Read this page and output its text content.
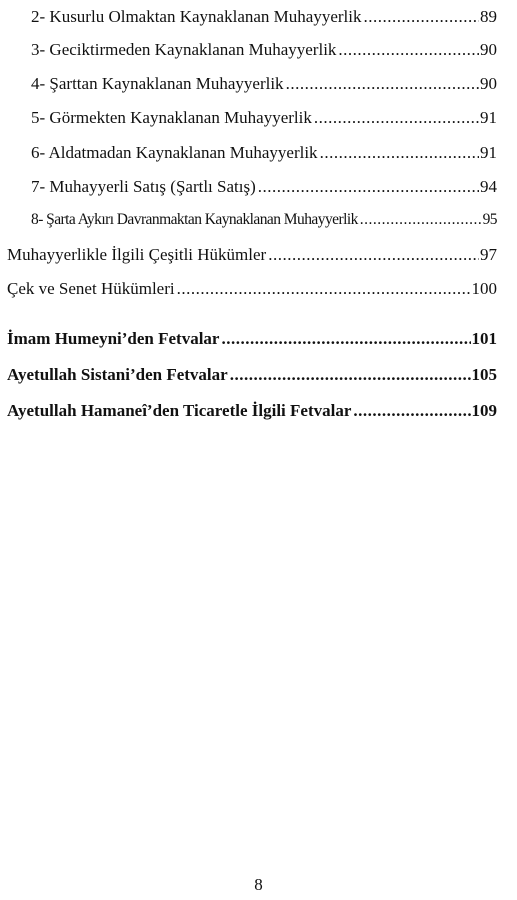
2- Kusurlu Olmaktan Kaynaklanan Muhayyerlik .....	89
3- Geciktirmeden Kaynaklanan Muhayyerlik .....	90
4- Şarttan Kaynaklanan Muhayyerlik .....	90
5- Görmekten Kaynaklanan Muhayyerlik .....	91
6- Aldatmadan Kaynaklanan Muhayyerlik .....	91
7- Muhayyerli Satış (Şartlı Satış) .....	94
8- Şarta Aykırı Davranmaktan Kaynaklanan Muhayyerlik .....	95
Muhayyerlikle İlgili Çeşitli Hükümler .....	97
Çek ve Senet Hükümleri .....	100
İmam Humeyni’den Fetvalar .....	101
Ayetullah Sistani’den Fetvalar .....	105
Ayetullah Hamaneî’den Ticaretle İlgili Fetvalar .....	109
8
